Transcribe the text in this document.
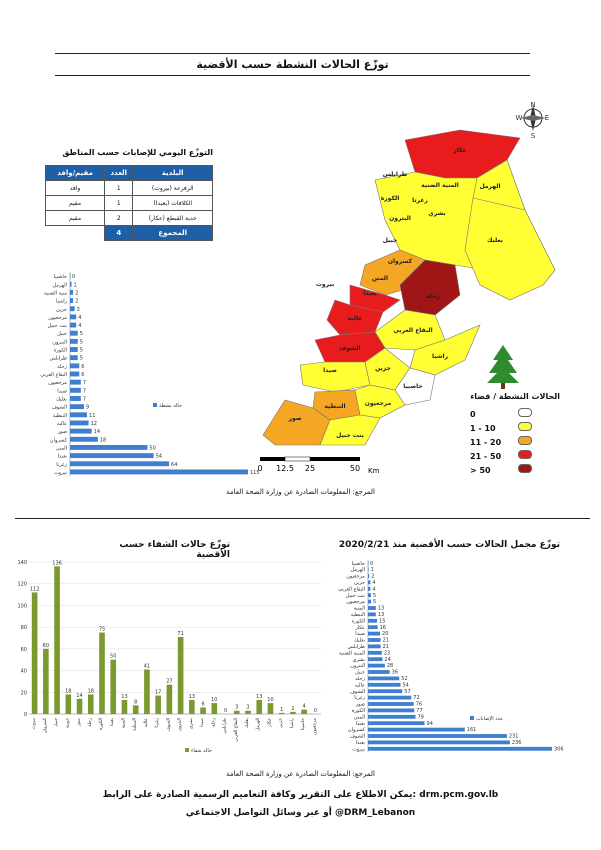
توزّع الحالات النشطة حسب الأقضية
التوزّع اليومي للإصابات حسب المناطق
مقيم/وافد	العدد	البلدية
وافد	1	الرفرعة (بيروت)
مقيم	1	الكلافات (بعبدا)
مقيم	2	حدية القيطع (عكار)
	4	المجموع
حاصبيا 0
الهرمل 1
منية الضنية 2
راشيا 2
جزين 3
مرجعيون 4
بنت جبيل 4
جبيل	5
البترون	5
الكورة	5
طرابلس	5
زحلة	6
البقاع الغربي	6
مرجعيون	7
صيدا	7
بعلبك	7
الشوف	9
النبطية	11
عاليه	12
صور	14
كسروان	18
المتن	50
بعبدا	54
زغرتا	64
بيروت	115
حالة نشطة
N
S
W	E
عكار
طرابلس
المنية الضنية	الهرمل
زغرتا
الكورة
بشري
البترون
جبيل	بعلبك
كسروان
المتن
بيروت
بعبدا	زحلة
عاليه
الشوف
البقاع الغربي
راشيا
جزين
صيدا
حاصبيا
النبطية	مرجعيون
صور
بنت جبيل
الحالات النشطة / قضاء
0 12.5 25	50 Km
المرجع: المعلومات الصادرة عن وزارة الصحة العامة
توزّع مجمل الحالات حسب الأقضية منذ 2020/2/21
حاصبيا 0
الهرمل 1
مرجعيون 2
جزين 4
البقاع الغربي 4
بنت جبيل 5
مرجعيون 5
المنية	13
النبطية	13
الكورة	15
عكار	16
صيدا	20
بعلبك	21
طرابلس	21
المنية الضنية	23
بشري	24
البترون	28
جبيل	36
زحلة	52
عاليه	54
الشوف	57
زغرتا	72
صور	76
الكورة	77
المتن	79
بعبدا	94
كسروان	161
الشوف	231
بعبدا	236
بيروت	306
عدد الإصابات
توزّع حالات الشفاء حسب الأقضية
0
20
40
60
80
100
120
140
112
بيروت
60
كسروان
136
جبيل
18
جونية
14
صور
18
زحلة
75
الكورة
50
بعبدا
13
المنية
8
النبطية
41
عاليه
17
زغرتا
27
الشوف
71
البترون
13
بشري
6
صيدا
10
زحلة
0
طرابلس
3
البقاع الغربي
3
بعلبك
13
الهرمل
10
عكار
1
جزين
2
راشيا
4
حاصبيا
0
مرجعيون
حالة شفاء
المرجع: المعلومات الصادرة عن وزارة الصحة العامة
يمكن الاطلاع على التقرير وكافة التعاميم الرسمية الصادرة على الرابط: drm.pcm.gov.lb
أو عبر وسائل التواصل الاجتماعي @DRM_Lebanon
0
1 - 10
11 - 20
21 - 50
> 50
